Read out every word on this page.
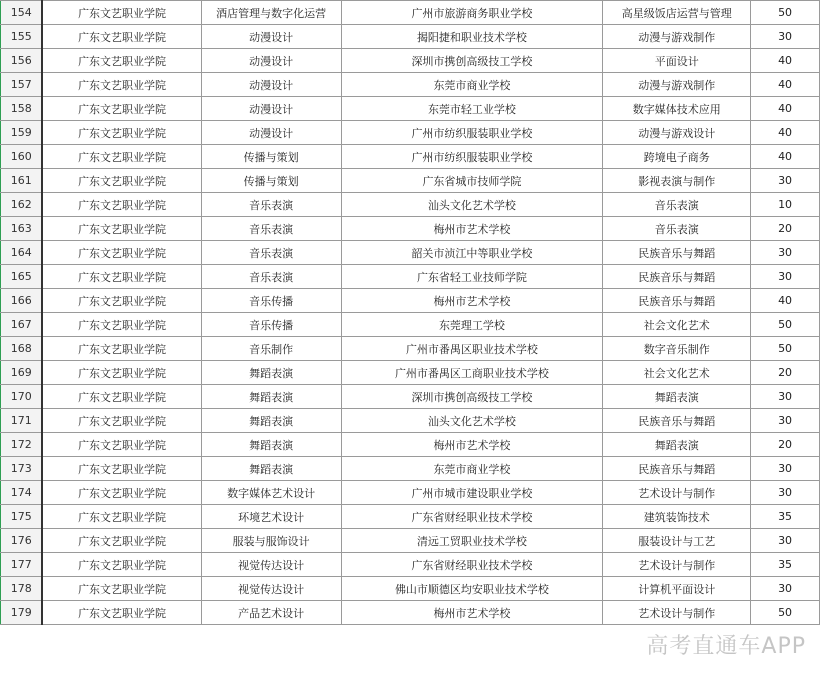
154	广东文艺职业学院	酒店管理与数字化运营	广州市旅游商务职业学校	高星级饭店运营与管理	50
155	广东文艺职业学院	动漫设计	揭阳捷和职业技术学校	动漫与游戏制作	30
156	广东文艺职业学院	动漫设计	深圳市携创高级技工学校	平面设计	40
157	广东文艺职业学院	动漫设计	东莞市商业学校	动漫与游戏制作	40
158	广东文艺职业学院	动漫设计	东莞市轻工业学校	数字媒体技术应用	40
159	广东文艺职业学院	动漫设计	广州市纺织服装职业学校	动漫与游戏设计	40
160	广东文艺职业学院	传播与策划	广州市纺织服装职业学校	跨境电子商务	40
161	广东文艺职业学院	传播与策划	广东省城市技师学院	影视表演与制作	30
162	广东文艺职业学院	音乐表演	汕头文化艺术学校	音乐表演	10
163	广东文艺职业学院	音乐表演	梅州市艺术学校	音乐表演	20
164	广东文艺职业学院	音乐表演	韶关市浈江中等职业学校	民族音乐与舞蹈	30
165	广东文艺职业学院	音乐表演	广东省轻工业技师学院	民族音乐与舞蹈	30
166	广东文艺职业学院	音乐传播	梅州市艺术学校	民族音乐与舞蹈	40
167	广东文艺职业学院	音乐传播	东莞理工学校	社会文化艺术	50
168	广东文艺职业学院	音乐制作	广州市番禺区职业技术学校	数字音乐制作	50
169	广东文艺职业学院	舞蹈表演	广州市番禺区工商职业技术学校	社会文化艺术	20
170	广东文艺职业学院	舞蹈表演	深圳市携创高级技工学校	舞蹈表演	30
171	广东文艺职业学院	舞蹈表演	汕头文化艺术学校	民族音乐与舞蹈	30
172	广东文艺职业学院	舞蹈表演	梅州市艺术学校	舞蹈表演	20
173	广东文艺职业学院	舞蹈表演	东莞市商业学校	民族音乐与舞蹈	30
174	广东文艺职业学院	数字媒体艺术设计	广州市城市建设职业学校	艺术设计与制作	30
175	广东文艺职业学院	环境艺术设计	广东省财经职业技术学校	建筑装饰技术	35
176	广东文艺职业学院	服装与服饰设计	清远工贸职业技术学校	服装设计与工艺	30
177	广东文艺职业学院	视觉传达设计	广东省财经职业技术学校	艺术设计与制作	35
178	广东文艺职业学院	视觉传达设计	佛山市顺德区均安职业技术学校	计算机平面设计	30
179	广东文艺职业学院	产品艺术设计	梅州市艺术学校	艺术设计与制作	50
高考直通车APP
